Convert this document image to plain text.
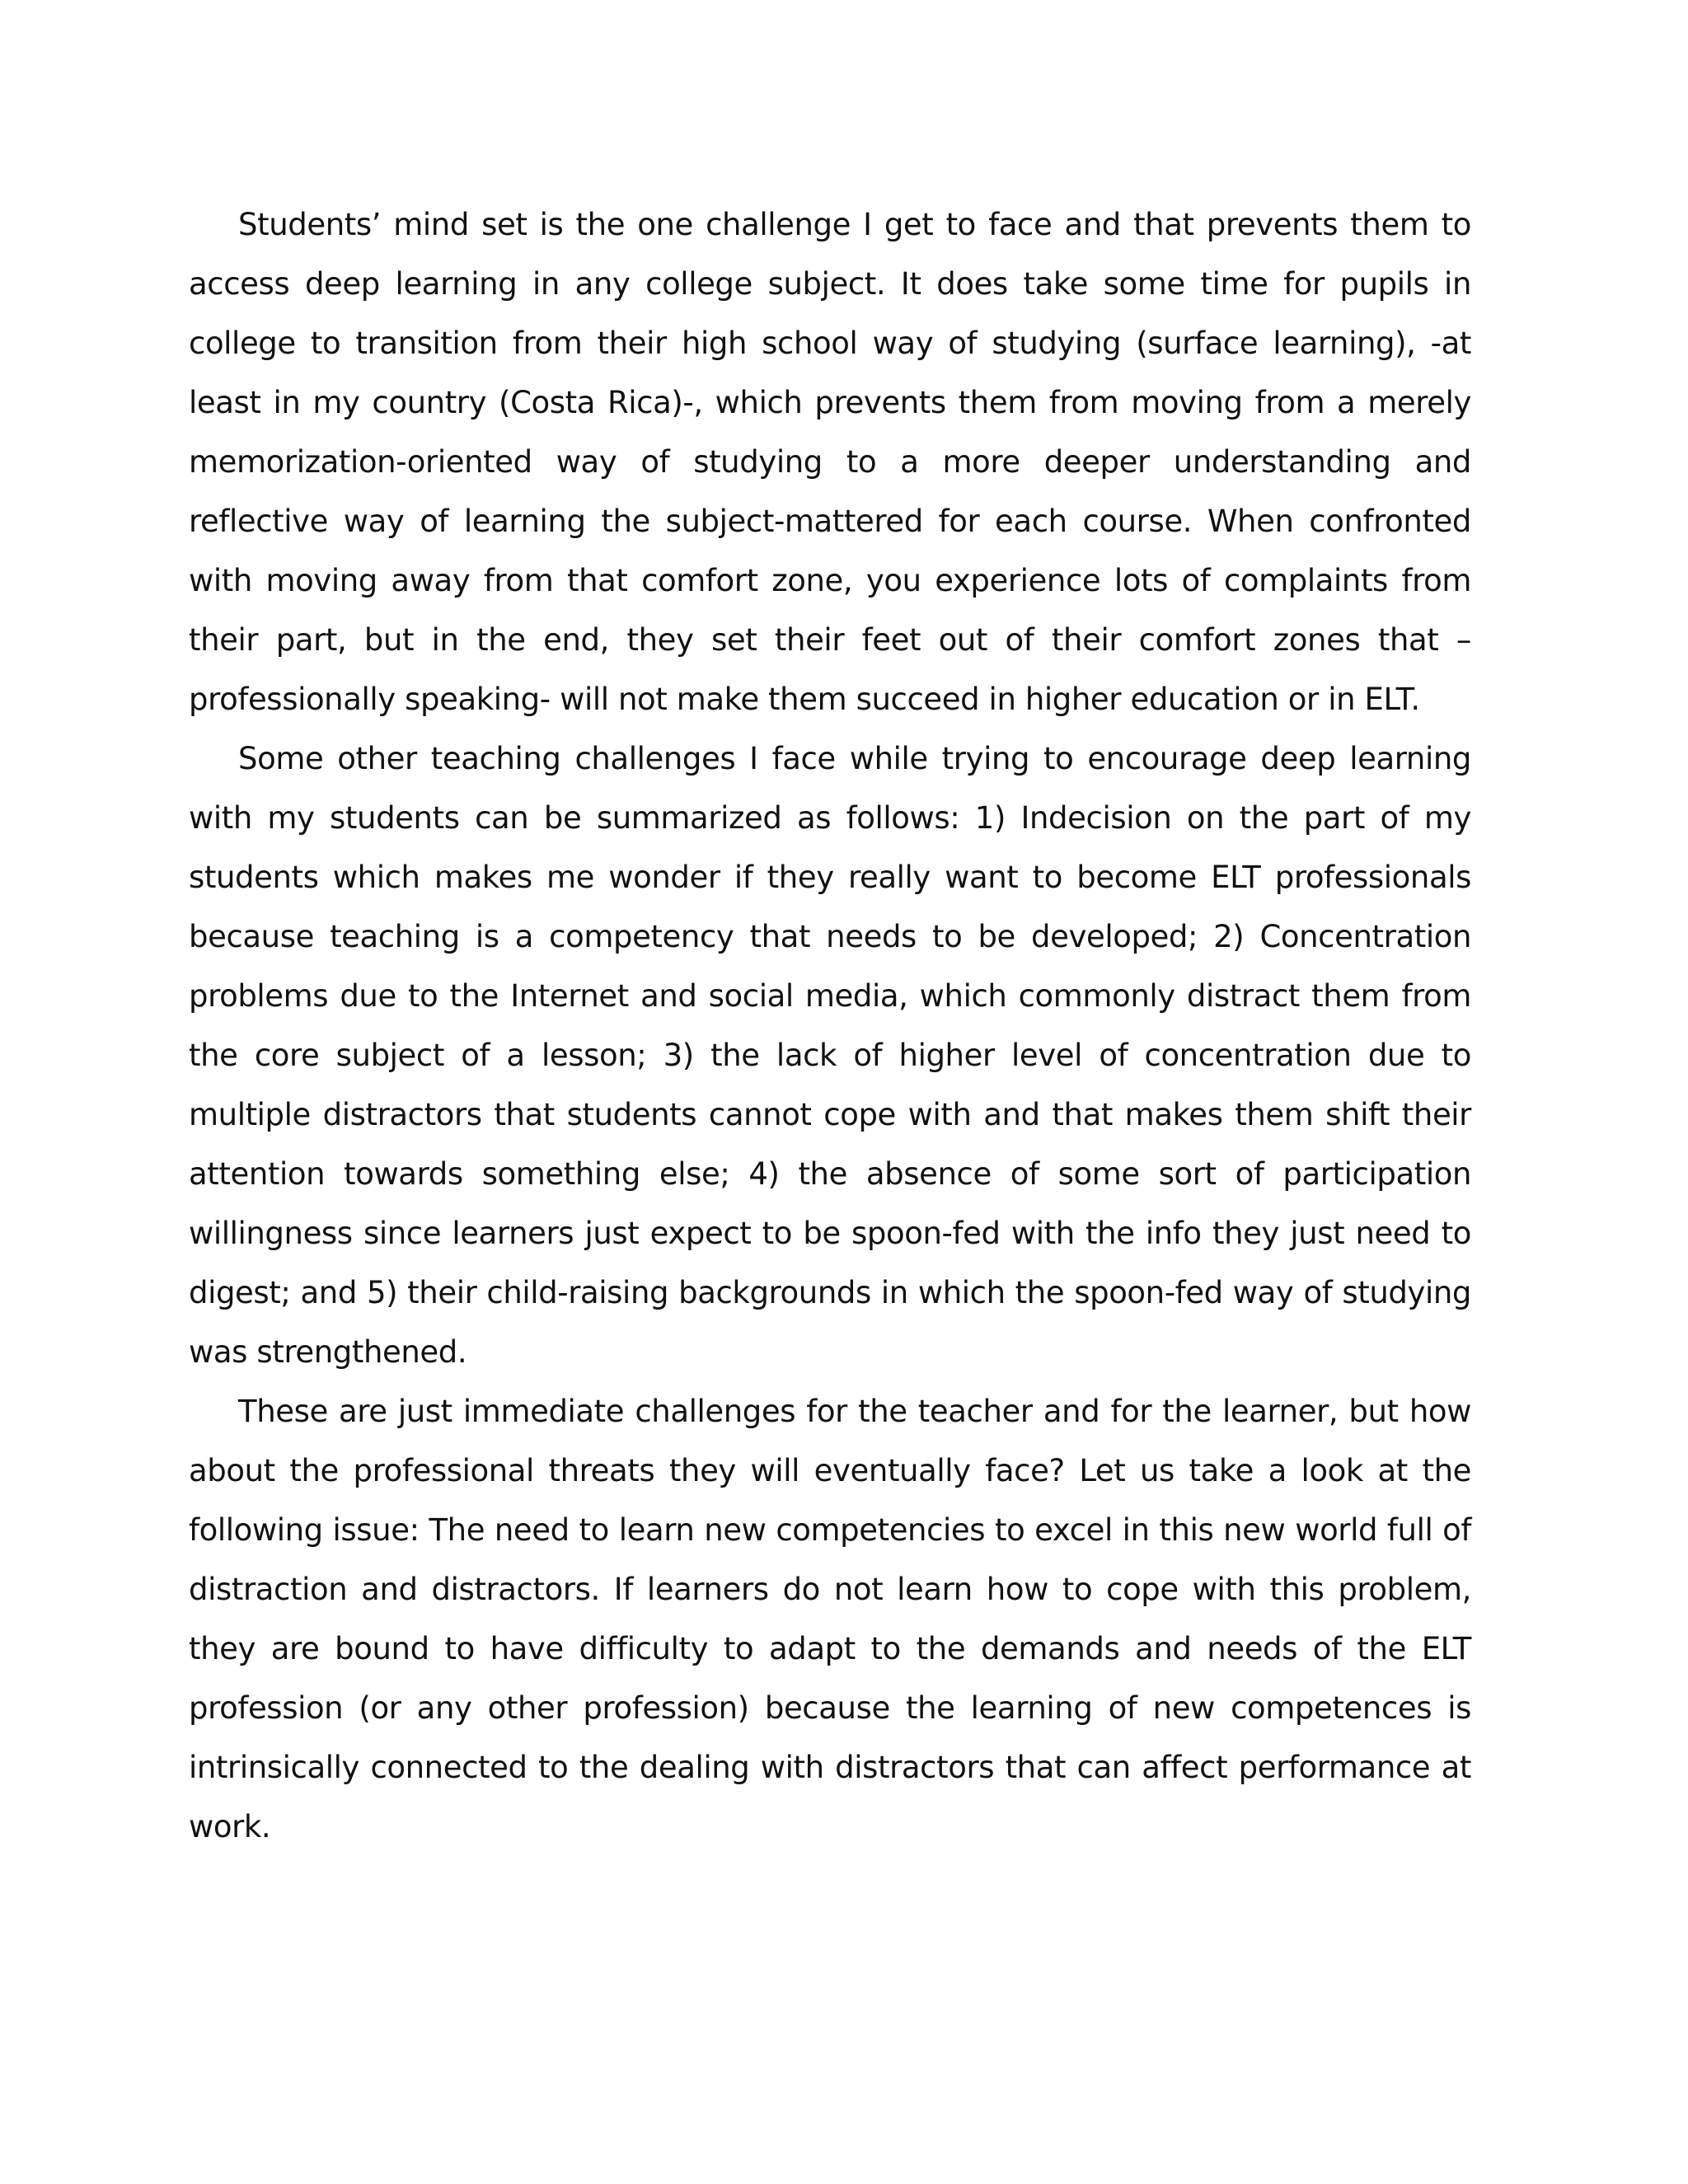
Students’ mind set is the one challenge I get to face and that prevents them to access deep learning in any college subject. It does take some time for pupils in college to transition from their high school way of studying (surface learning), -at least in my country (Costa Rica)-, which prevents them from moving from a merely memorization-oriented way of studying to a more deeper understanding and reflective way of learning the subject-mattered for each course. When confronted with moving away from that comfort zone, you experience lots of complaints from their part, but in the end, they set their feet out of their comfort zones that –professionally speaking- will not make them succeed in higher education or in ELT.

Some other teaching challenges I face while trying to encourage deep learning with my students can be summarized as follows: 1) Indecision on the part of my students which makes me wonder if they really want to become ELT professionals because teaching is a competency that needs to be developed; 2) Concentration problems due to the Internet and social media, which commonly distract them from the core subject of a lesson; 3) the lack of higher level of concentration due to multiple distractors that students cannot cope with and that makes them shift their attention towards something else; 4) the absence of some sort of participation willingness since learners just expect to be spoon-fed with the info they just need to digest; and 5) their child-raising backgrounds in which the spoon-fed way of studying was strengthened.

These are just immediate challenges for the teacher and for the learner, but how about the professional threats they will eventually face? Let us take a look at the following issue: The need to learn new competencies to excel in this new world full of distraction and distractors. If learners do not learn how to cope with this problem, they are bound to have difficulty to adapt to the demands and needs of the ELT profession (or any other profession) because the learning of new competences is intrinsically connected to the dealing with distractors that can affect performance at work.
